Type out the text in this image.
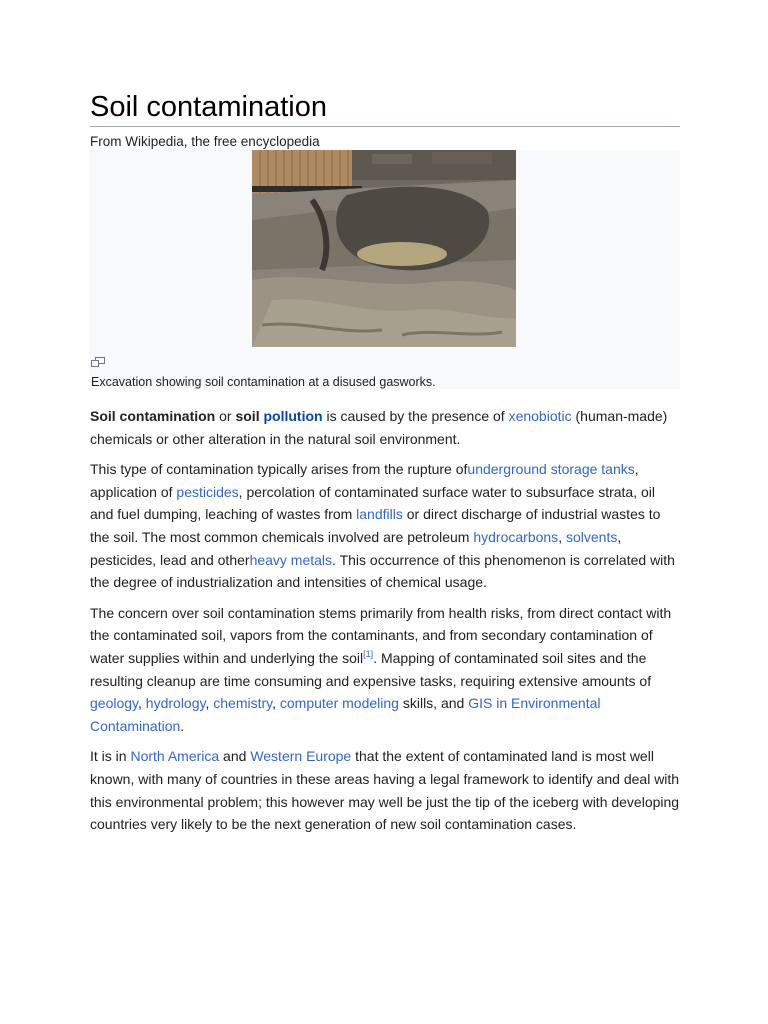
Soil contamination
From Wikipedia, the free encyclopedia
Excavation showing soil contamination at a disused gasworks.

Soil contamination or soil pollution is caused by the presence of xenobiotic (human-made) chemicals or other alteration in the natural soil environment.

This type of contamination typically arises from the rupture ofunderground storage tanks, application of pesticides, percolation of contaminated surface water to subsurface strata, oil and fuel dumping, leaching of wastes from landfills or direct discharge of industrial wastes to the soil. The most common chemicals involved are petroleum hydrocarbons, solvents, pesticides, lead and otherheavy metals. This occurrence of this phenomenon is correlated with the degree of industrialization and intensities of chemical usage.

The concern over soil contamination stems primarily from health risks, from direct contact with the contaminated soil, vapors from the contaminants, and from secondary contamination of water supplies within and underlying the soil[1]. Mapping of contaminated soil sites and the resulting cleanup are time consuming and expensive tasks, requiring extensive amounts of geology, hydrology, chemistry, computer modeling skills, and GIS in Environmental Contamination.

It is in North America and Western Europe that the extent of contaminated land is most well known, with many of countries in these areas having a legal framework to identify and deal with this environmental problem; this however may well be just the tip of the iceberg with developing countries very likely to be the next generation of new soil contamination cases.
